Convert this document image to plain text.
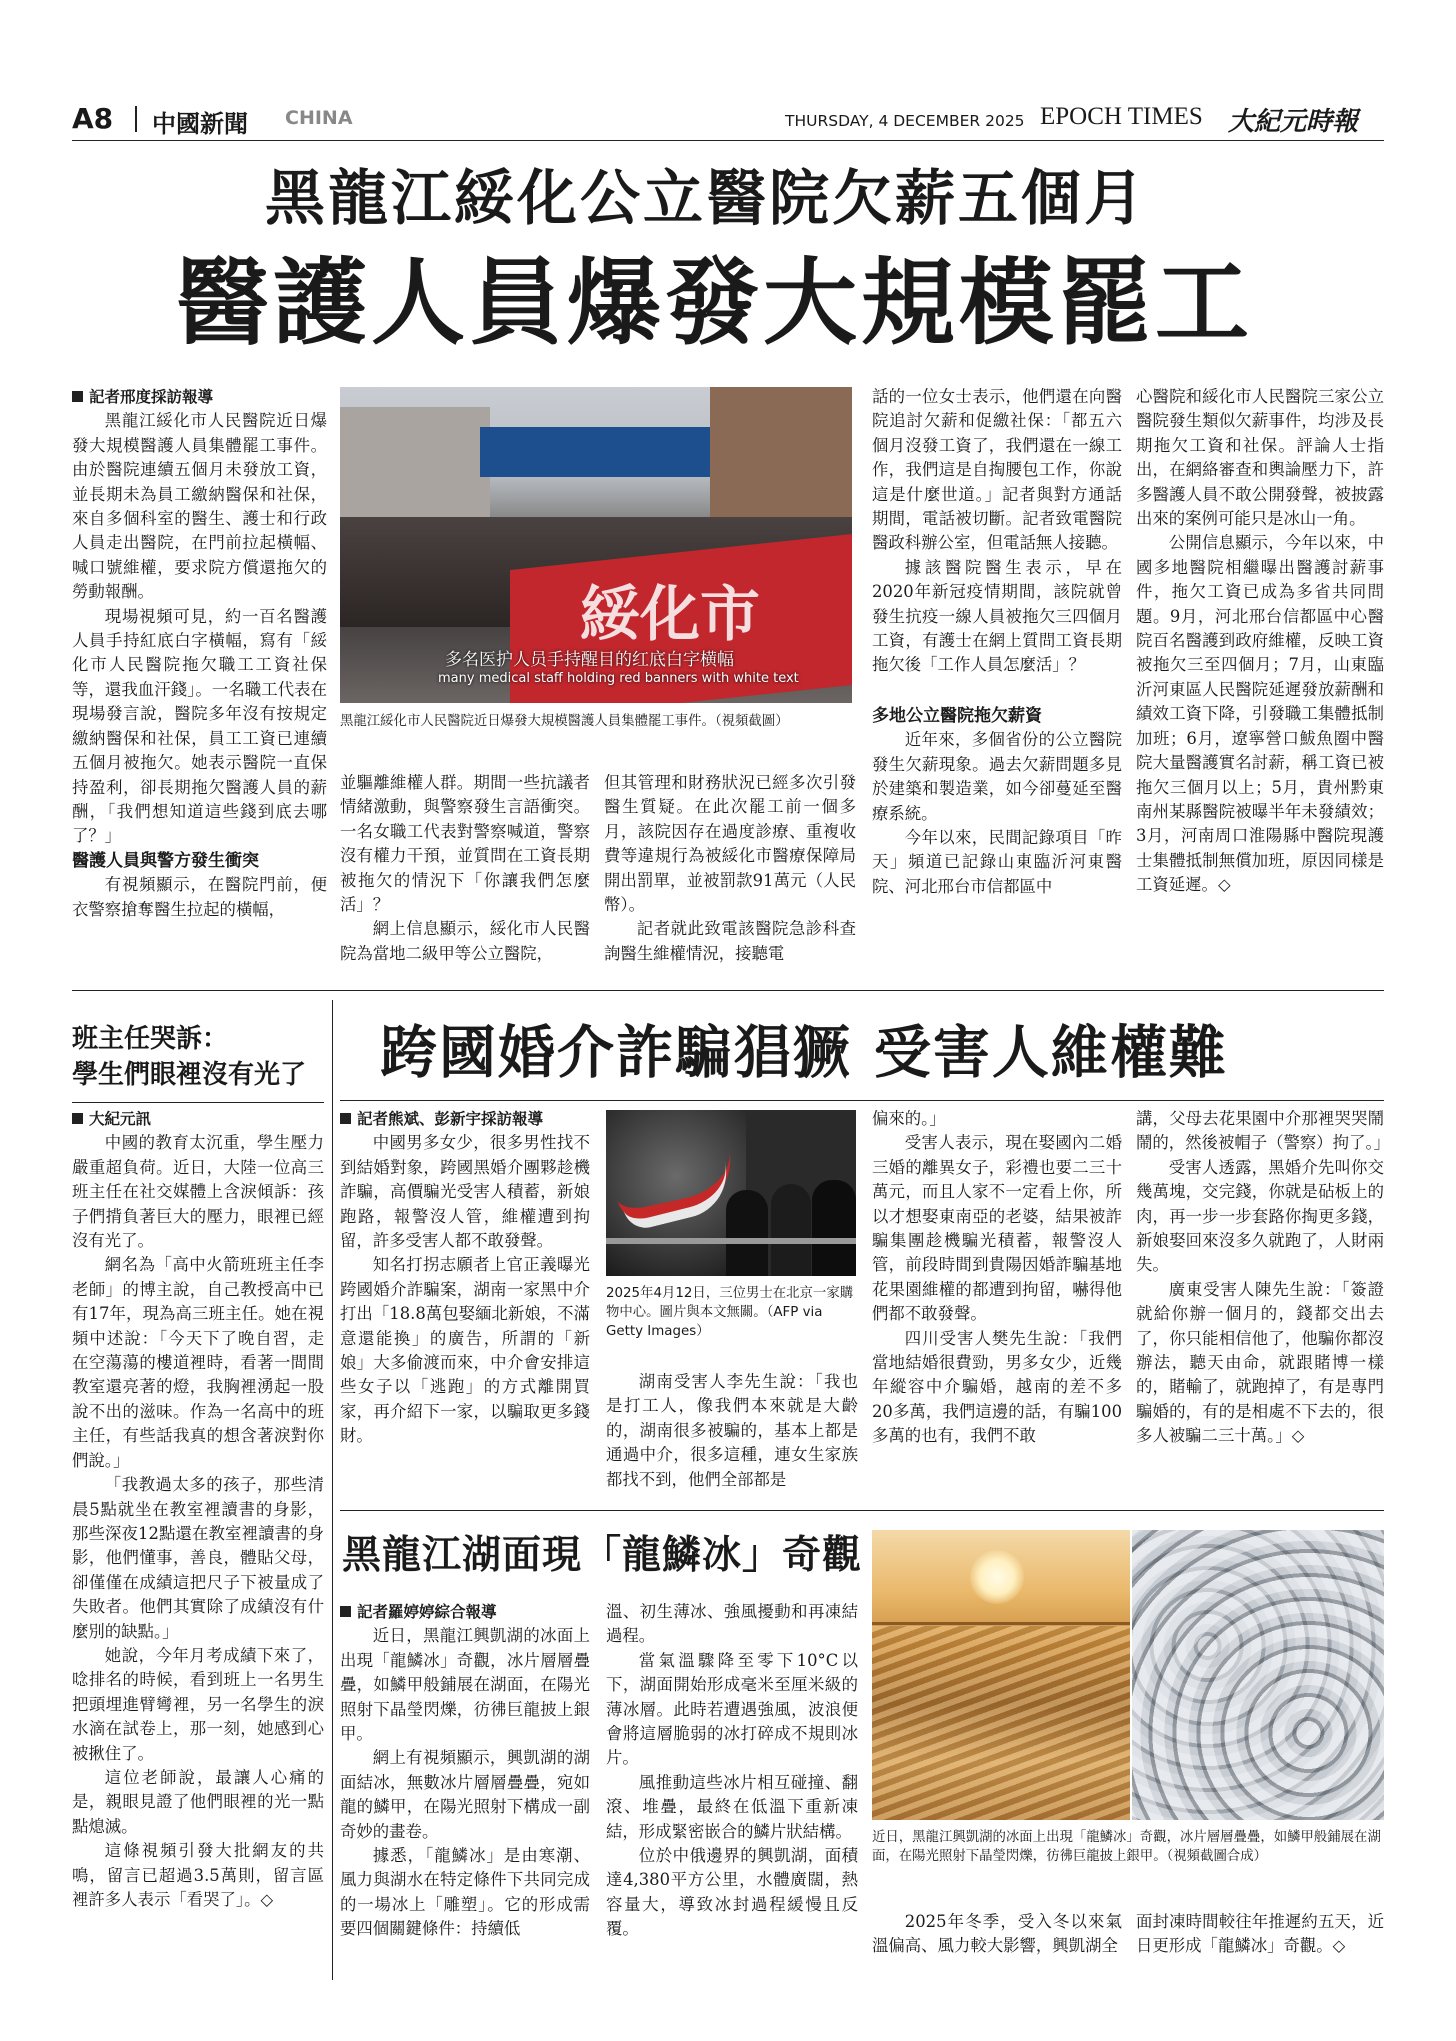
A8 中國新聞 CHINA	THURSDAY, 4 DECEMBER 2025 EPOCH TIMES 大紀元時報
黑龍江綏化公立醫院欠薪五個月
醫護人員爆發大規模罷工

記者邢度採訪報導

黑龍江綏化市人民醫院近日爆發大規模醫護人員集體罷工事件。由於醫院連續五個月未發放工資，並長期未為員工繳納醫保和社保，來自多個科室的醫生、護士和行政人員走出醫院，在門前拉起橫幅、喊口號維權，要求院方償還拖欠的勞動報酬。

現場視頻可見，約一百名醫護人員手持紅底白字橫幅，寫有「綏化市人民醫院拖欠職工工資社保等，還我血汗錢」。一名職工代表在現場發言說，醫院多年沒有按規定繳納醫保和社保，員工工資已連續五個月被拖欠。她表示醫院一直保持盈利，卻長期拖欠醫護人員的薪酬，「我們想知道這些錢到底去哪了？」

醫護人員與警方發生衝突

有視頻顯示，在醫院門前，便衣警察搶奪醫生拉起的橫幅，

綏化市
多名医护人员手持醒目的红底白字横幅
many medical staff holding red banners with white text
黑龍江綏化市人民醫院近日爆發大規模醫護人員集體罷工事件。（視頻截圖）

並驅離維權人群。期間一些抗議者情緒激動，與警察發生言語衝突。一名女職工代表對警察喊道，警察沒有權力干預，並質問在工資長期被拖欠的情況下「你讓我們怎麼活」？

網上信息顯示，綏化市人民醫院為當地二級甲等公立醫院，

但其管理和財務狀況已經多次引發醫生質疑。在此次罷工前一個多月，該院因存在過度診療、重複收費等違規行為被綏化市醫療保障局開出罰單，並被罰款91萬元（人民幣）。

記者就此致電該醫院急診科查詢醫生維權情況，接聽電

話的一位女士表示，他們還在向醫院追討欠薪和促繳社保：「都五六個月沒發工資了，我們還在一線工作，我們這是自掏腰包工作，你說這是什麼世道。」記者與對方通話期間，電話被切斷。記者致電醫院醫政科辦公室，但電話無人接聽。

據該醫院醫生表示，早在2020年新冠疫情期間，該院就曾發生抗疫一線人員被拖欠三四個月工資，有護士在網上質問工資長期拖欠後「工作人員怎麼活」？

多地公立醫院拖欠薪資

近年來，多個省份的公立醫院發生欠薪現象。過去欠薪問題多見於建築和製造業，如今卻蔓延至醫療系統。

今年以來，民間記錄項目「昨天」頻道已記錄山東臨沂河東醫院、河北邢台市信都區中

心醫院和綏化市人民醫院三家公立醫院發生類似欠薪事件，均涉及長期拖欠工資和社保。評論人士指出，在網絡審查和輿論壓力下，許多醫護人員不敢公開發聲，被披露出來的案例可能只是冰山一角。

公開信息顯示，今年以來，中國多地醫院相繼曝出醫護討薪事件，拖欠工資已成為多省共同問題。9月，河北邢台信都區中心醫院百名醫護到政府維權，反映工資被拖欠三至四個月；7月，山東臨沂河東區人民醫院延遲發放薪酬和績效工資下降，引發職工集體抵制加班；6月，遼寧營口鮁魚圈中醫院大量醫護實名討薪，稱工資已被拖欠三個月以上；5月，貴州黔東南州某縣醫院被曝半年未發績效；3月，河南周口淮陽縣中醫院現護士集體抵制無償加班，原因同樣是工資延遲。◇

班主任哭訴：
學生們眼裡沒有光了

大紀元訊

中國的教育太沉重，學生壓力嚴重超負荷。近日，大陸一位高三班主任在社交媒體上含淚傾訴：孩子們揹負著巨大的壓力，眼裡已經沒有光了。

網名為「高中火箭班班主任李老師」的博主說，自己教授高中已有17年，現為高三班主任。她在視頻中述說：「今天下了晚自習，走在空蕩蕩的樓道裡時，看著一間間教室還亮著的燈，我胸裡湧起一股說不出的滋味。作為一名高中的班主任，有些話我真的想含著淚對你們說。」

「我教過太多的孩子，那些清晨5點就坐在教室裡讀書的身影，那些深夜12點還在教室裡讀書的身影，他們懂事，善良，體貼父母，卻僅僅在成績這把尺子下被量成了失敗者。他們其實除了成績沒有什麼別的缺點。」

她說，今年月考成績下來了，唸排名的時候，看到班上一名男生把頭埋進臂彎裡，另一名學生的淚水滴在試卷上，那一刻，她感到心被揪住了。

這位老師說，最讓人心痛的是，親眼見證了他們眼裡的光一點點熄滅。

這條視頻引發大批網友的共鳴，留言已超過3.5萬則，留言區裡許多人表示「看哭了」。◇

跨國婚介詐騙猖獗 受害人維權難

記者熊斌、彭新宇採訪報導

中國男多女少，很多男性找不到結婚對象，跨國黑婚介團夥趁機詐騙，高價騙光受害人積蓄，新娘跑路，報警沒人管，維權遭到拘留，許多受害人都不敢發聲。

知名打拐志願者上官正義曝光跨國婚介詐騙案，湖南一家黑中介打出「18.8萬包娶緬北新娘，不滿意還能換」的廣告，所謂的「新娘」大多偷渡而來，中介會安排這些女子以「逃跑」的方式離開買家，再介紹下一家，以騙取更多錢財。

2025年4月12日，三位男士在北京一家購物中心。圖片與本文無關。（AFP via Getty Images）

湖南受害人李先生說：「我也是打工人，像我們本來就是大齡的，湖南很多被騙的，基本上都是通過中介，很多這種，連女生家族都找不到，他們全部都是

偏來的。」

受害人表示，現在娶國內二婚三婚的離異女子，彩禮也要二三十萬元，而且人家不一定看上你，所以才想娶東南亞的老婆，結果被詐騙集團趁機騙光積蓄，報警沒人管，前段時間到貴陽因婚詐騙基地花果園維權的都遭到拘留，嚇得他們都不敢發聲。

四川受害人樊先生說：「我們當地結婚很費勁，男多女少，近幾年縱容中介騙婚，越南的差不多20多萬，我們這邊的話，有騙100多萬的也有，我們不敢

講，父母去花果園中介那裡哭哭鬧鬧的，然後被帽子（警察）拘了。」

受害人透露，黑婚介先叫你交幾萬塊，交完錢，你就是砧板上的肉，再一步一步套路你掏更多錢，新娘娶回來沒多久就跑了，人財兩失。

廣東受害人陳先生說：「簽證就給你辦一個月的，錢都交出去了，你只能相信他了，他騙你都沒辦法，聽天由命，就跟賭博一樣的，賭輸了，就跑掉了，有是專門騙婚的，有的是相處不下去的，很多人被騙二三十萬。」◇

黑龍江湖面現「龍鱗冰」奇觀

記者羅婷婷綜合報導

近日，黑龍江興凱湖的冰面上出現「龍鱗冰」奇觀，冰片層層疊疊，如鱗甲般鋪展在湖面，在陽光照射下晶瑩閃爍，彷彿巨龍披上銀甲。

網上有視頻顯示，興凱湖的湖面結冰，無數冰片層層疊疊，宛如龍的鱗甲，在陽光照射下構成一副奇妙的畫卷。

據悉，「龍鱗冰」是由寒潮、風力與湖水在特定條件下共同完成的一場冰上「雕塑」。它的形成需要四個關鍵條件：持續低

溫、初生薄冰、強風擾動和再凍結過程。

當氣溫驟降至零下10°C以下，湖面開始形成毫米至厘米級的薄冰層。此時若遭遇強風，波浪便會將這層脆弱的冰打碎成不規則冰片。

風推動這些冰片相互碰撞、翻滾、堆疊，最終在低溫下重新凍結，形成緊密嵌合的鱗片狀結構。

位於中俄邊界的興凱湖，面積達4,380平方公里，水體廣闊，熱容量大，導致冰封過程緩慢且反覆。

近日，黑龍江興凱湖的冰面上出現「龍鱗冰」奇觀，冰片層層疊疊，如鱗甲般鋪展在湖面，在陽光照射下晶瑩閃爍，彷彿巨龍披上銀甲。（視頻截圖合成）

2025年冬季，受入冬以來氣溫偏高、風力較大影響，興凱湖全

面封凍時間較往年推遲約五天，近日更形成「龍鱗冰」奇觀。◇
